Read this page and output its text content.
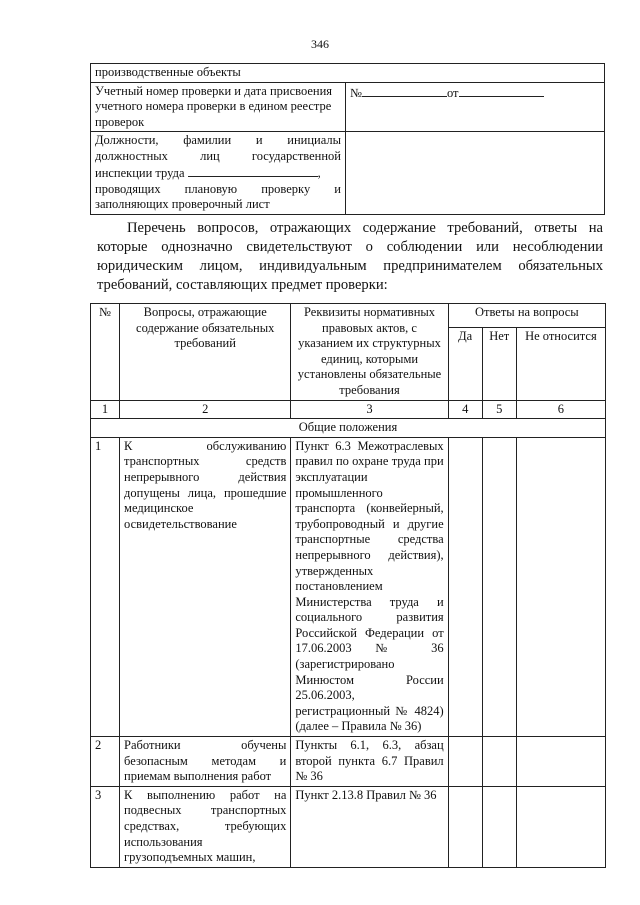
346
производственные объекты	
Учетный номер проверки и дата присвоения учетного номера проверки в едином реестре проверок	№ от

Должности, фамилии и инициалы
должностных лиц государственной
инспекции труда ,
проводящих плановую проверку и
заполняющих проверочный лист	

Перечень вопросов, отражающих содержание требований, ответы на которые однозначно свидетельствуют о соблюдении или несоблюдении юридическим лицом, индивидуальным предпринимателем обязательных требований, составляющих предмет проверки:
№	Вопросы, отражающие содержание обязательных требований	Реквизиты нормативных правовых актов, с указанием их структурных единиц, которыми установлены обязательные требования	Ответы на вопросы		
			Да	Нет	Не относится
1	2	3	4	5	6
Общие положения					
1	К обслуживанию транспортных средств непрерывного действия допущены лица, прошедшие медицинское освидетельствование	Пункт 6.3 Межотраслевых правил по охране труда при эксплуатации промышленного транспорта (конвейерный, трубопроводный и другие транспортные средства непрерывного действия), утвержденных постановлением Министерства труда и социального развития Российской Федерации от 17.06.2003 № 36 (зарегистрировано Минюстом России 25.06.2003, регистрационный № 4824) (далее – Правила № 36)			
2	Работники обучены безопасным методам и приемам выполнения работ	Пункты 6.1, 6.3, абзац второй пункта 6.7 Правил № 36			
3	К выполнению работ на подвесных транспортных средствах, требующих использования грузоподъемных машин,	Пункт 2.13.8 Правил № 36			
